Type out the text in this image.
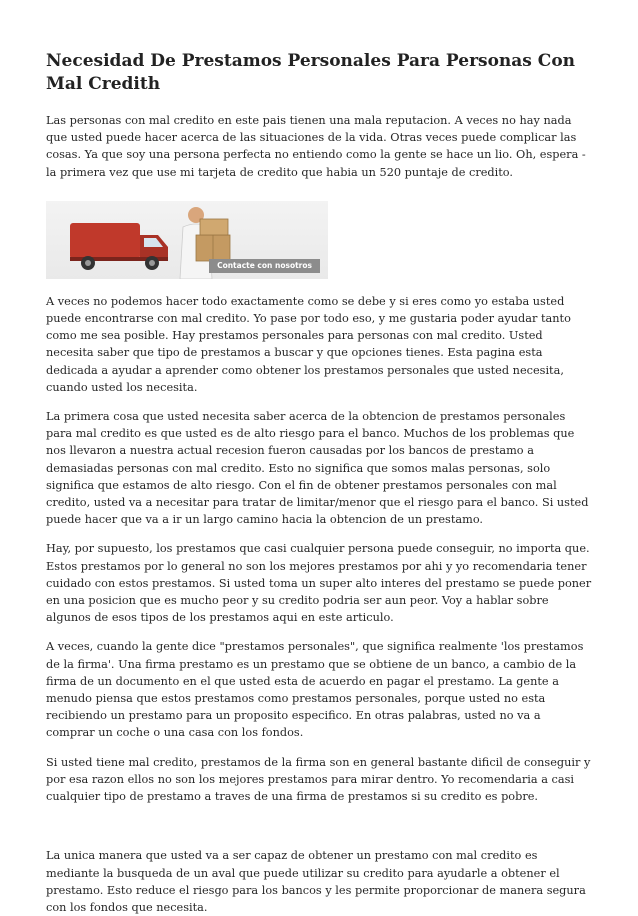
Necesidad De Prestamos Personales Para Personas Con Mal Credith

Las personas con mal credito en este pais tienen una mala reputacion. A veces no hay nada que usted puede hacer acerca de las situaciones de la vida. Otras veces puede complicar las cosas. Ya que soy una persona perfecta no entiendo como la gente se hace un lio. Oh, espera - la primera vez que use mi tarjeta de credito que habia un 520 puntaje de credito.

Contacte con nosotros

A veces no podemos hacer todo exactamente como se debe y si eres como yo estaba usted puede encontrarse con mal credito. Yo pase por todo eso, y me gustaria poder ayudar tanto como me sea posible. Hay prestamos personales para personas con mal credito. Usted necesita saber que tipo de prestamos a buscar y que opciones tienes. Esta pagina esta dedicada a ayudar a aprender como obtener los prestamos personales que usted necesita, cuando usted los necesita.

La primera cosa que usted necesita saber acerca de la obtencion de prestamos personales para mal credito es que usted es de alto riesgo para el banco. Muchos de los problemas que nos llevaron a nuestra actual recesion fueron causadas por los bancos de prestamo a demasiadas personas con mal credito. Esto no significa que somos malas personas, solo significa que estamos de alto riesgo. Con el fin de obtener prestamos personales con mal credito, usted va a necesitar para tratar de limitar/menor que el riesgo para el banco. Si usted puede hacer que va a ir un largo camino hacia la obtencion de un prestamo.

Hay, por supuesto, los prestamos que casi cualquier persona puede conseguir, no importa que. Estos prestamos por lo general no son los mejores prestamos por ahi y yo recomendaria tener cuidado con estos prestamos. Si usted toma un super alto interes del prestamo se puede poner en una posicion que es mucho peor y su credito podria ser aun peor. Voy a hablar sobre algunos de esos tipos de los prestamos aqui en este articulo.

A veces, cuando la gente dice "prestamos personales", que significa realmente 'los prestamos de la firma'. Una firma prestamo es un prestamo que se obtiene de un banco, a cambio de la firma de un documento en el que usted esta de acuerdo en pagar el prestamo. La gente a menudo piensa que estos prestamos como prestamos personales, porque usted no esta recibiendo un prestamo para un proposito especifico. En otras palabras, usted no va a comprar un coche o una casa con los fondos.

Si usted tiene mal credito, prestamos de la firma son en general bastante dificil de conseguir y por esa razon ellos no son los mejores prestamos para mirar dentro. Yo recomendaria a casi cualquier tipo de prestamo a traves de una firma de prestamos si su credito es pobre.

La unica manera que usted va a ser capaz de obtener un prestamo con mal credito es mediante la busqueda de un aval que puede utilizar su credito para ayudarle a obtener el prestamo. Esto reduce el riesgo para los bancos y les permite proporcionar de manera segura con los fondos que necesita.
